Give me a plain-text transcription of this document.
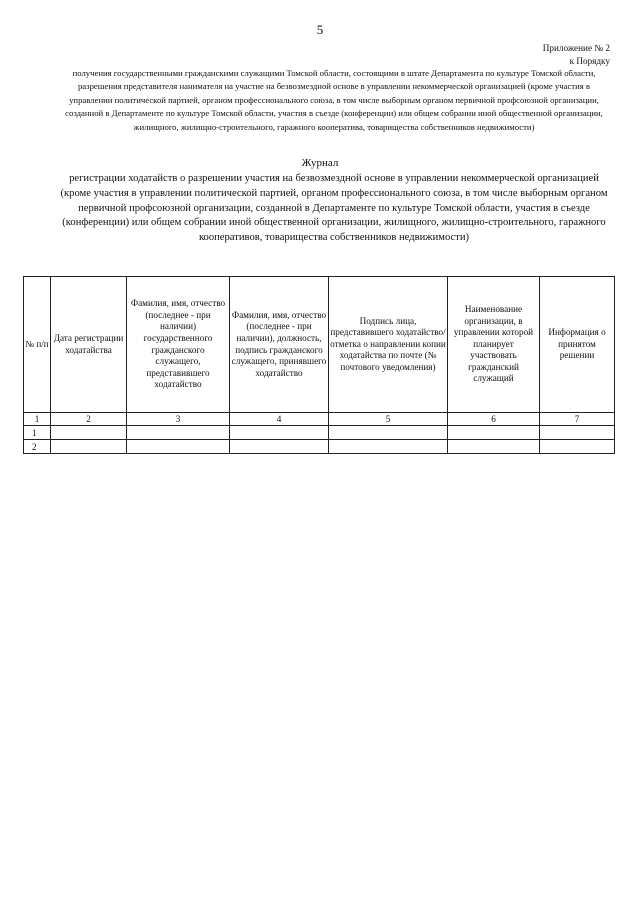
5
Приложение № 2
к Порядку
получения государственными гражданскими служащими Томской области, состоящими в штате Департамента по культуре Томской области, разрешения представителя нанимателя на участие на безвозмездной основе в управлении некоммерческой организацией (кроме участия в управлении политической партией, органом профессионального союза, в том числе выборным органом первичной профсоюзной организации, созданной в Департаменте по культуре Томской области, участия в съезде (конференции) или общем собрании иной общественной организации, жилищного, жилищно-строительного, гаражного кооператива, товарищества собственников недвижимости)
Журнал
регистрации ходатайств о разрешении участия на безвозмездной основе в управлении некоммерческой организацией (кроме участия в управлении политической партией, органом профессионального союза, в том числе выборным органом первичной профсоюзной организации, созданной в Департаменте по культуре Томской области, участия в съезде (конференции) или общем собрании иной общественной организации, жилищного, жилищно-строительного, гаражного кооперативов, товарищества собственников недвижимости)
№ п/п	Дата регистрации ходатайства	Фамилия, имя, отчество (последнее - при наличии) государственного гражданского служащего, представившего ходатайство	Фамилия, имя, отчество (последнее - при наличии), должность, подпись гражданского служащего, принявшего ходатайство	Подпись лица, представившего ходатайство/отметка о направлении копии ходатайства по почте (№ почтового уведомления)	Наименование организации, в управлении которой планирует участвовать гражданский служащий	Информация о принятом решении
1	2	3	4	5	6	7
1						
2						
